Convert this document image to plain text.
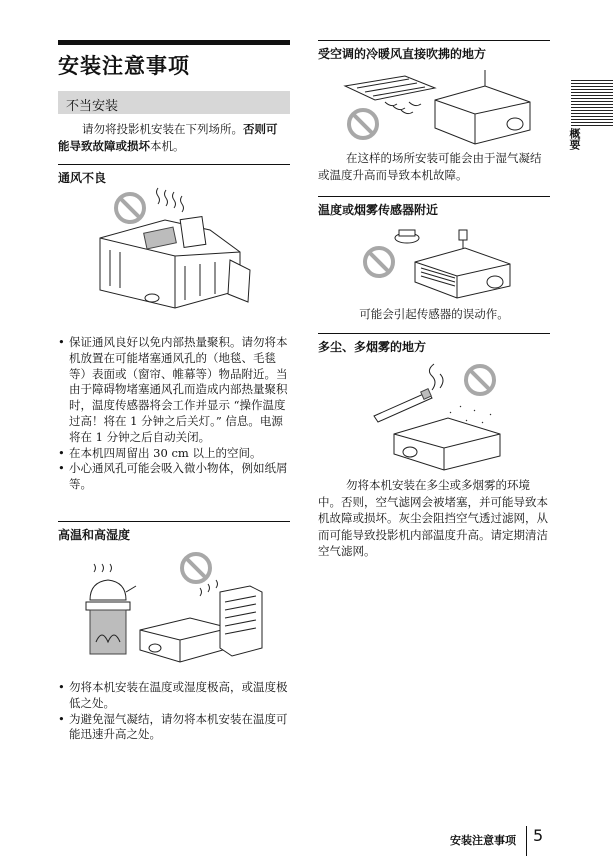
安装注意事项
不当安装
请勿将投影机安装在下列场所。否则可能导致故障或损坏本机。
通风不良
• 保证通风良好以免内部热量聚积。请勿将本机放置在可能堵塞通风孔的（地毯、毛毯等）表面或（窗帘、帷幕等）物品附近。当由于障碍物堵塞通风孔而造成内部热量聚积时，温度传感器将会工作并显示 “操作温度过高！将在 1 分钟之后关灯。” 信息。电源将在 1 分钟之后自动关闭。
• 在本机四周留出 30 cm 以上的空间。
• 小心通风孔可能会吸入微小物体，例如纸屑等。
高温和高湿度
• 勿将本机安装在温度或湿度极高，或温度极低之处。
• 为避免湿气凝结，请勿将本机安装在温度可能迅速升高之处。
受空调的冷暖风直接吹拂的地方
在这样的场所安装可能会由于湿气凝结或温度升高而导致本机故障。
温度或烟雾传感器附近
可能会引起传感器的误动作。
多尘、多烟雾的地方
勿将本机安装在多尘或多烟雾的环境中。否则，空气滤网会被堵塞，并可能导致本机故障或损坏。灰尘会阻挡空气透过滤网，从而可能导致投影机内部温度升高。请定期清洁空气滤网。
概要
安装注意事项 5
